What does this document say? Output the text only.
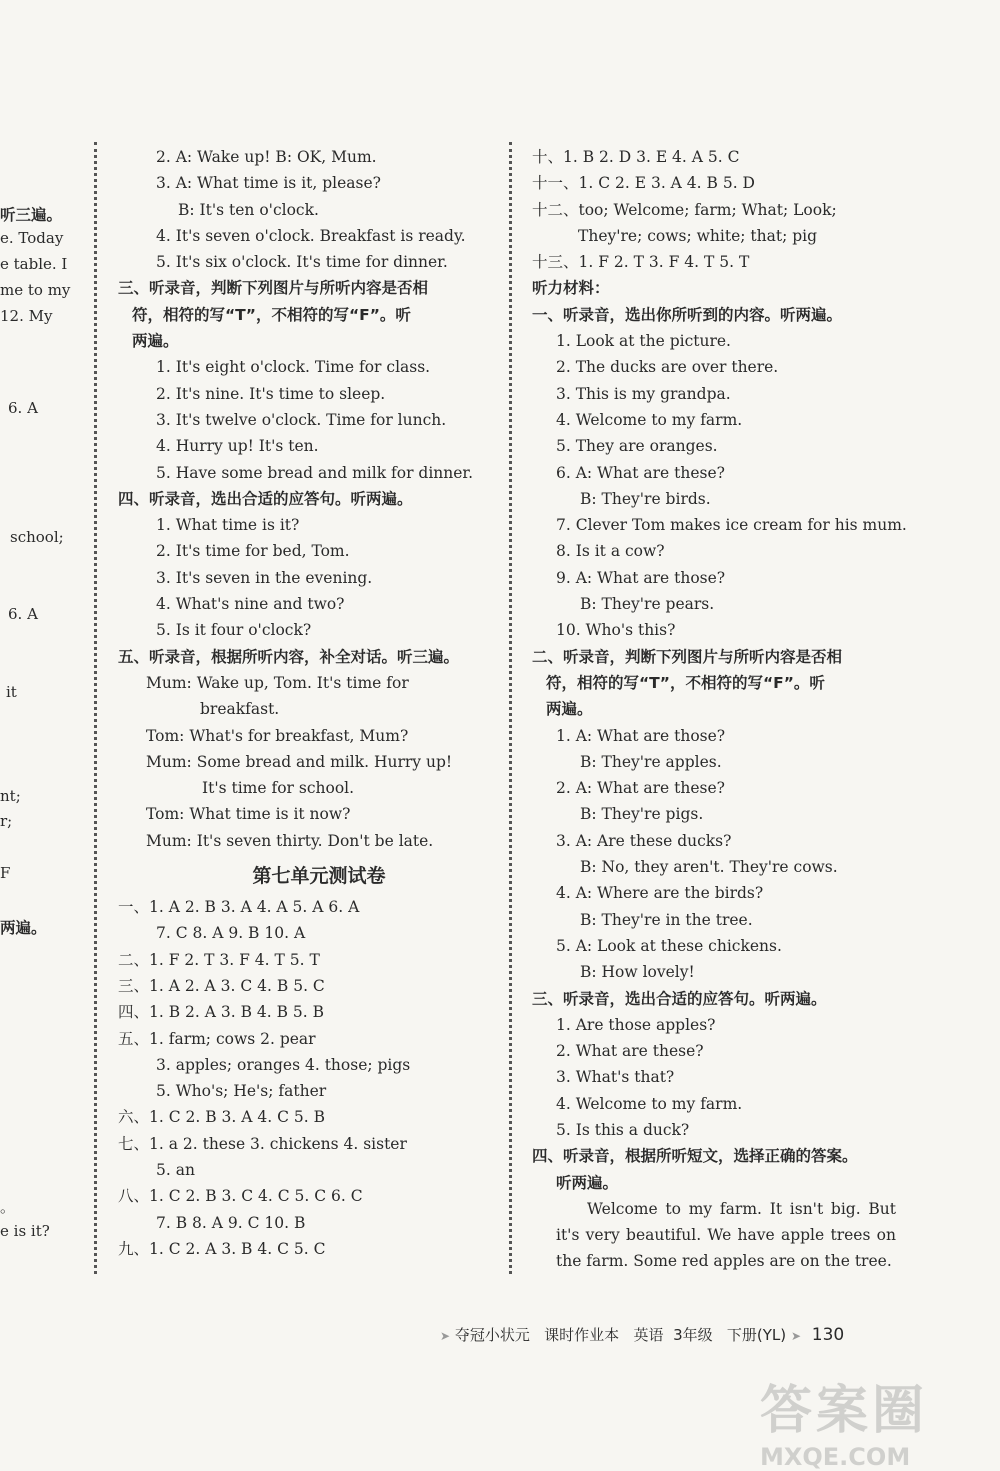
听三遍。
e. Today
e table. I
me to my
12. My
6. A
school;
6. A
it
nt;
r;
F
两遍。
。
e is it?
2. A: Wake up! B: OK, Mum.
3. A: What time is it, please?
B: It's ten o'clock.
4. It's seven o'clock. Breakfast is ready.
5. It's six o'clock. It's time for dinner.
三、听录音，判断下列图片与所听内容是否相
符，相符的写“T”，不相符的写“F”。听
两遍。
1. It's eight o'clock. Time for class.
2. It's nine. It's time to sleep.
3. It's twelve o'clock. Time for lunch.
4. Hurry up! It's ten.
5. Have some bread and milk for dinner.
四、听录音，选出合适的应答句。听两遍。
1. What time is it?
2. It's time for bed, Tom.
3. It's seven in the evening.
4. What's nine and two?
5. Is it four o'clock?
五、听录音，根据所听内容，补全对话。听三遍。
Mum: Wake up, Tom. It's time for
breakfast.
Tom: What's for breakfast, Mum?
Mum: Some bread and milk. Hurry up!
It's time for school.
Tom: What time is it now?
Mum: It's seven thirty. Don't be late.
第七单元测试卷
一、1. A 2. B 3. A 4. A 5. A 6. A
7. C 8. A 9. B 10. A
二、1. F 2. T 3. F 4. T 5. T
三、1. A 2. A 3. C 4. B 5. C
四、1. B 2. A 3. B 4. B 5. B
五、1. farm; cows 2. pear
3. apples; oranges 4. those; pigs
5. Who's; He's; father
六、1. C 2. B 3. A 4. C 5. B
七、1. a 2. these 3. chickens 4. sister
5. an
八、1. C 2. B 3. C 4. C 5. C 6. C
7. B 8. A 9. C 10. B
九、1. C 2. A 3. B 4. C 5. C
十、1. B 2. D 3. E 4. A 5. C
十一、1. C 2. E 3. A 4. B 5. D
十二、too; Welcome; farm; What; Look;
They're; cows; white; that; pig
十三、1. F 2. T 3. F 4. T 5. T
听力材料：
一、听录音，选出你所听到的内容。听两遍。
1. Look at the picture.
2. The ducks are over there.
3. This is my grandpa.
4. Welcome to my farm.
5. They are oranges.
6. A: What are these?
B: They're birds.
7. Clever Tom makes ice cream for his mum.
8. Is it a cow?
9. A: What are those?
B: They're pears.
10. Who's this?
二、听录音，判断下列图片与所听内容是否相
符，相符的写“T”，不相符的写“F”。听
两遍。
1. A: What are those?
B: They're apples.
2. A: What are these?
B: They're pigs.
3. A: Are these ducks?
B: No, they aren't. They're cows.
4. A: Where are the birds?
B: They're in the tree.
5. A: Look at these chickens.
B: How lovely!
三、听录音，选出合适的应答句。听两遍。
1. Are those apples?
2. What are these?
3. What's that?
4. Welcome to my farm.
5. Is this a duck?
四、听录音，根据所听短文，选择正确的答案。
听两遍。
Welcome to my farm. It isn't big. But it's very beautiful. We have apple trees on the farm. Some red apples are on the tree.
➤ 夺冠小状元 课时作业本 英语 3年级 下册(YL) ➤ 130
答案圈
MXQE.COM
